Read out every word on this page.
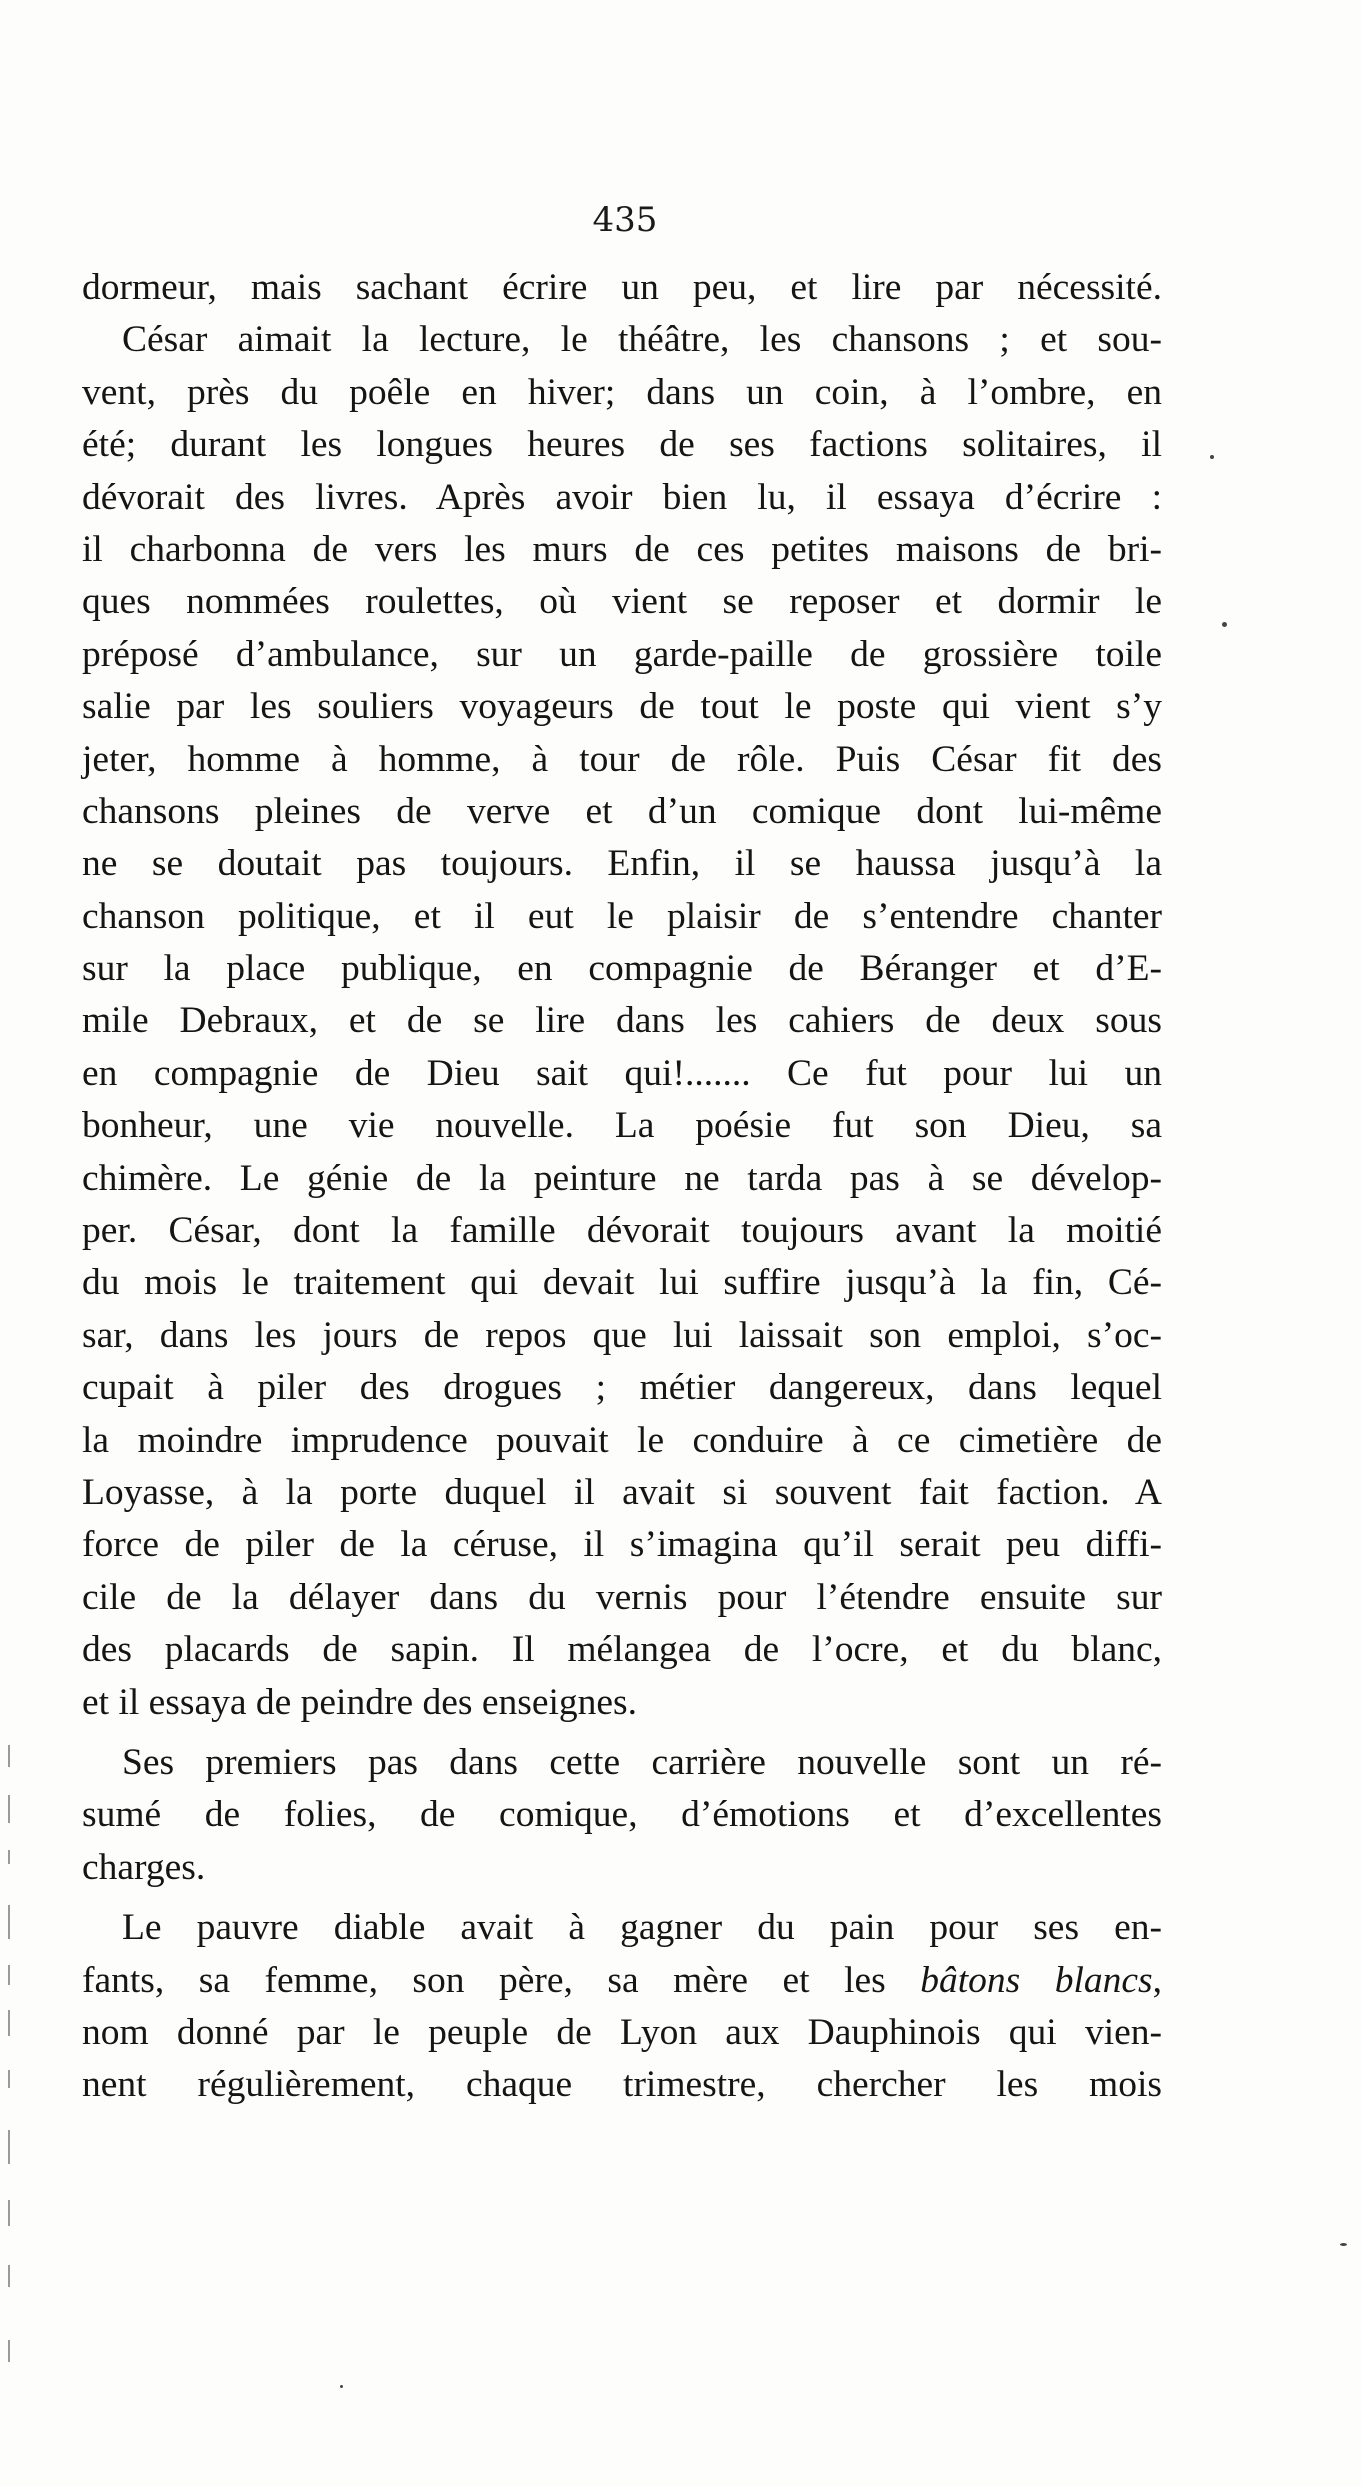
435
dormeur, mais sachant écrire un peu, et lire par nécessité.
César aimait la lecture, le théâtre, les chansons ; et sou-
vent, près du poêle en hiver; dans un coin, à l’ombre, en
été; durant les longues heures de ses factions solitaires, il
dévorait des livres. Après avoir bien lu, il essaya d’écrire :
il charbonna de vers les murs de ces petites maisons de bri-
ques nommées roulettes, où vient se reposer et dormir le
préposé d’ambulance, sur un garde-paille de grossière toile
salie par les souliers voyageurs de tout le poste qui vient s’y
jeter, homme à homme, à tour de rôle. Puis César fit des
chansons pleines de verve et d’un comique dont lui-même
ne se doutait pas toujours. Enfin, il se haussa jusqu’à la
chanson politique, et il eut le plaisir de s’entendre chanter
sur la place publique, en compagnie de Béranger et d’E-
mile Debraux, et de se lire dans les cahiers de deux sous
en compagnie de Dieu sait qui!....... Ce fut pour lui un
bonheur, une vie nouvelle. La poésie fut son Dieu, sa
chimère. Le génie de la peinture ne tarda pas à se dévelop-
per. César, dont la famille dévorait toujours avant la moitié
du mois le traitement qui devait lui suffire jusqu’à la fin, Cé-
sar, dans les jours de repos que lui laissait son emploi, s’oc-
cupait à piler des drogues ; métier dangereux, dans lequel
la moindre imprudence pouvait le conduire à ce cimetière de
Loyasse, à la porte duquel il avait si souvent fait faction. A
force de piler de la céruse, il s’imagina qu’il serait peu diffi-
cile de la délayer dans du vernis pour l’étendre ensuite sur
des placards de sapin. Il mélangea de l’ocre, et du blanc,
et il essaya de peindre des enseignes.
Ses premiers pas dans cette carrière nouvelle sont un ré-
sumé de folies, de comique, d’émotions et d’excellentes
charges.
Le pauvre diable avait à gagner du pain pour ses en-
fants, sa femme, son père, sa mère et les bâtons blancs,
nom donné par le peuple de Lyon aux Dauphinois qui vien-
nent régulièrement, chaque trimestre, chercher les mois
